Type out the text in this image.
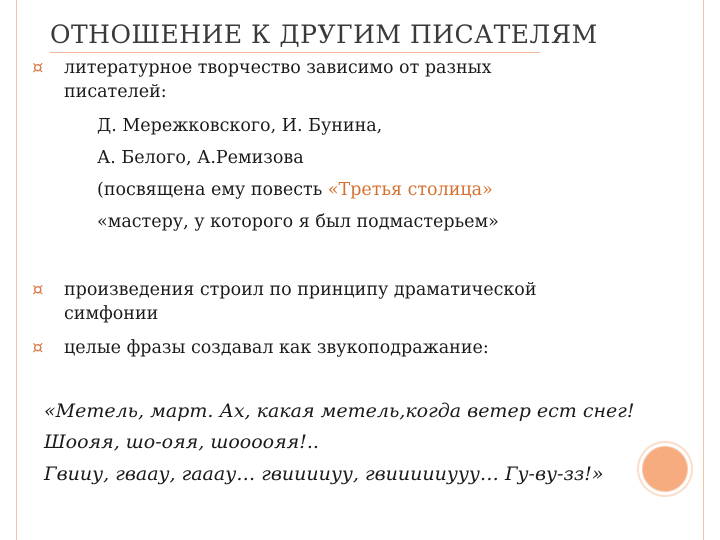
ОТНОШЕНИЕ К ДРУГИМ ПИСАТЕЛЯМ
¤ литературное творчество зависимо от разных
писателей:
Д. Мережковского, И. Бунина,
А. Белого, А.Ремизова
(посвящена ему повесть «Третья столица»
«мастеру, у которого я был подмастерьем»
¤ произведения строил по принципу драматической
симфонии
¤ целые фразы создавал как звукоподражание:
«Метель, март. Ах, какая метель,когда ветер ест снег!
Шоояя, шо-ояя, шоооояя!..
Гвииу, гвaау, гааау… гвииииуу, гвиииииууу… Гу-ву-зз!»
